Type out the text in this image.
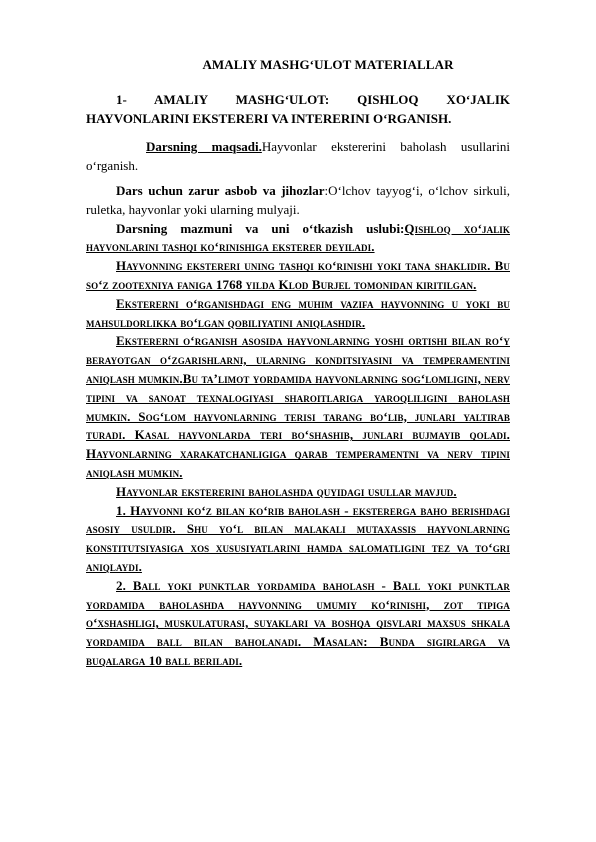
AMALIY MASHG‘ULOT MATERIALLAR

1- AMALIY MASHG‘ULOT: QISHLOQ XO‘JALIK HAYVONLARINI EKSTERERI VA INTERERINI O‘RGANISH.

Darsning maqsadi.Hayvonlar ekstererini baholash usullarini o‘rganish.

Dars uchun zarur asbob va jihozlar:O‘lchov tayyog‘i, o‘lchov sirkuli, ruletka, hayvonlar yoki ularning mulyaji.

Darsning mazmuni va uni o‘tkazish uslubi:Qishloq xo‘jalik hayvonlarini tashqi ko‘rinishiga eksterer deyiladi.

Hayvonning eksterеri uning tashqi ko‘rinishi yoki tana shaklidir. Bu so‘z zootexniya faniga 1768 yilda Klod Burjel tomonidan kiritilgan.

Eksterеrni o‘rganishdagi eng muhim vazifa hayvonning u yoki bu mahsuldorlikka bo‘lgan qobiliyatini aniqlashdir.

Eksterеrni o‘rganish asosida hayvonlarning yoshi ortishi bilan ro‘y berayotgan o‘zgarishlarni, ularning konditsiyasini va temperamentini aniqlash mumkin.Bu ta’limot yordamida hayvonlarning sog‘lomligini, nerv tipini va sanoat texnalogiyasi sharoitlariga yaroqliligini baholash mumkin. Sog‘lom hayvonlarning terisi tarang bo‘lib, junlari yaltirab turadi. Kasal hayvonlarda teri bo‘shashib, junlari bujmayib qoladi. Hayvonlarning xarakatchanligiga qarab temperamentni va nerv tipini aniqlash mumkin.

Hayvonlar eksterеrini baholashda quyidagi usullar mavjud.

1. Hayvonni ko‘z bilan ko‘rib baholash - eksterеrga baho berishdagi asosiy usuldir. Shu yo‘l bilan malakali mutaxassis hayvonlarning konstitutsiyasiga xos xususiyatlarini hamda salomatligini tez va to‘gri aniqlaydi.

2. Ball yoki punktlar yordamida baholash - Ball yoki punktlar yordamida baholashda hayvonning umumiy ko‘rinishi, zot tipiga o‘xshashligi, muskulaturasi, suyaklari va boshqa qisvlari maxsus shkala yordamida ball bilan baholanadi. Masalan: Bunda sigirlarga va buqalarga 10 ball beriladi.
